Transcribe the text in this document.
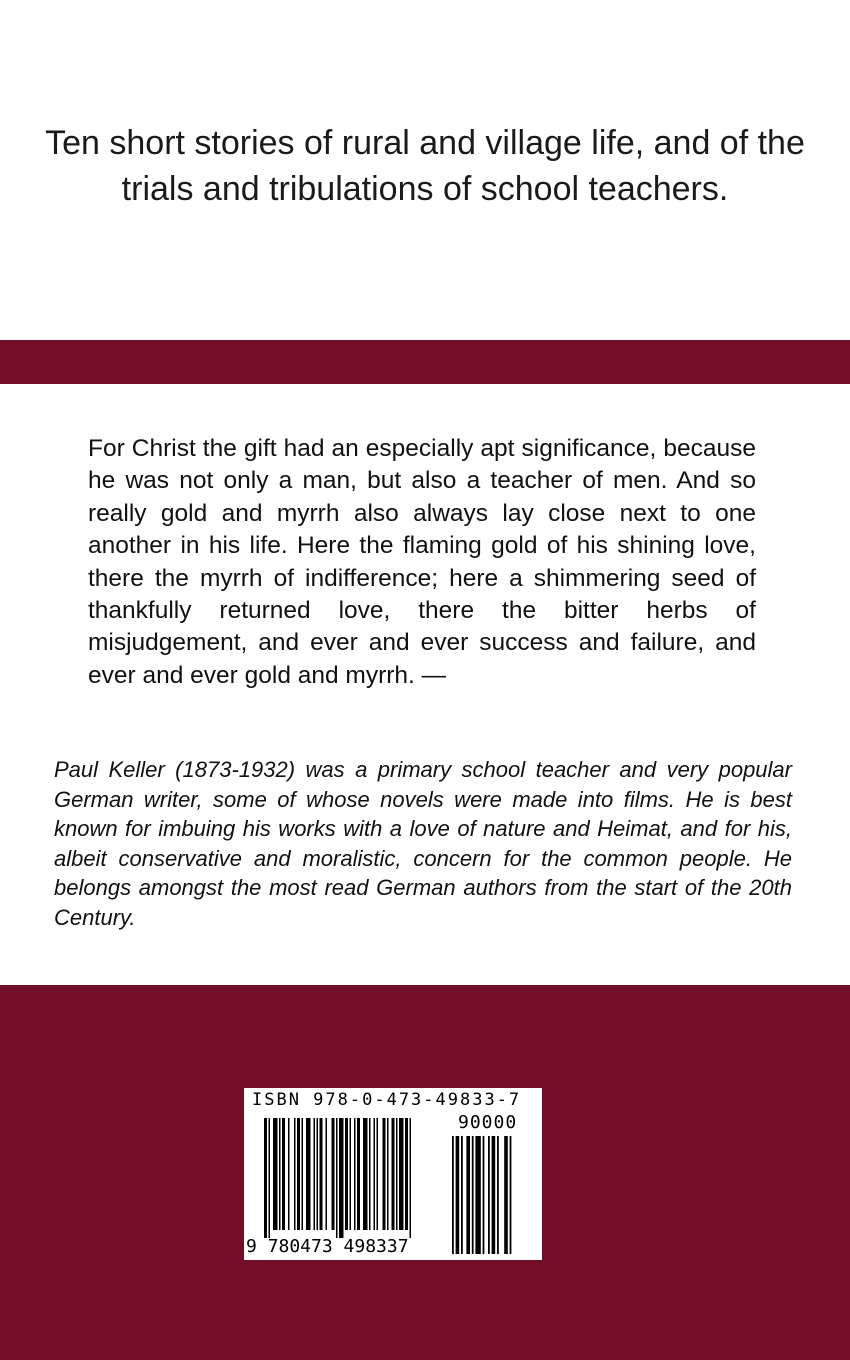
Ten short stories of rural and village life, and of the trials and tribulations of school teachers.

For Christ the gift had an especially apt significance, because he was not only a man, but also a teacher of men. And so really gold and myrrh also always lay close next to one another in his life. Here the flaming gold of his shining love, there the myrrh of indifference; here a shimmering seed of thankfully returned love, there the bitter herbs of misjudgement, and ever and ever success and failure, and ever and ever gold and myrrh. —

Paul Keller (1873-1932) was a primary school teacher and very popular German writer, some of whose novels were made into films. He is best known for imbuing his works with a love of nature and Heimat, and for his, albeit conservative and moralistic, concern for the common people. He belongs amongst the most read German authors from the start of the 20th Century.

ISBN 978-0-473-49833-7
90000
9 780473 498337
